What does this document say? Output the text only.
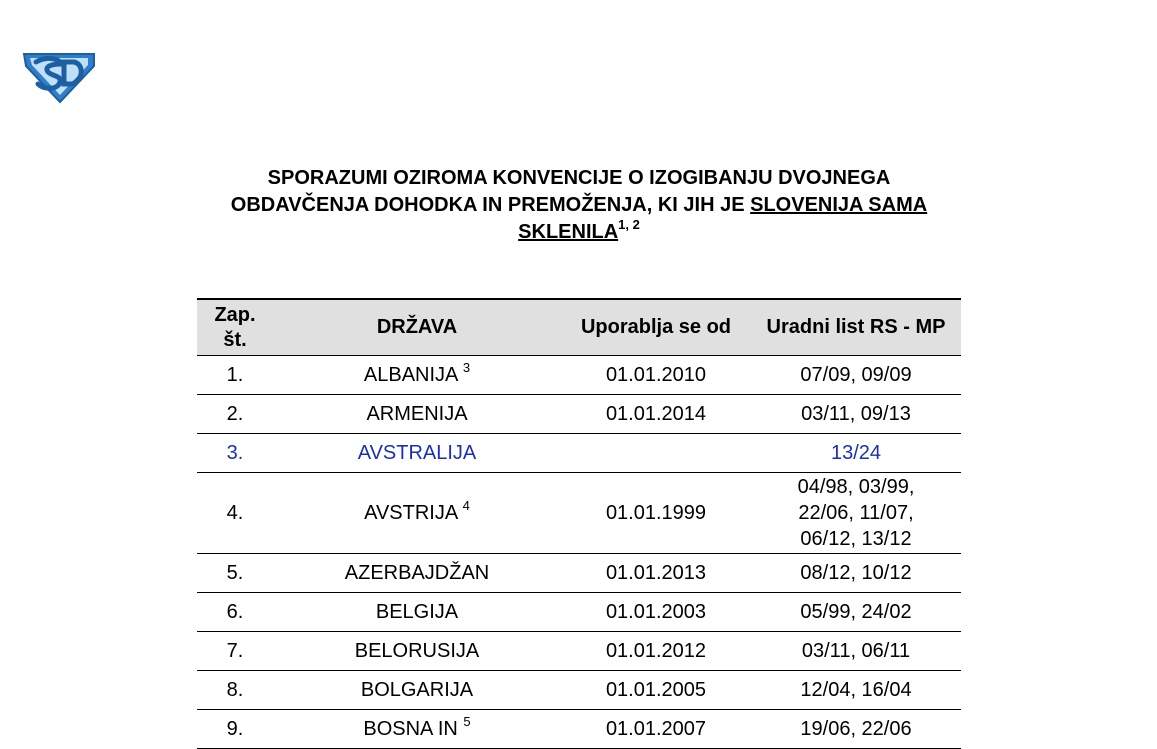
SPORAZUMI OZIROMA KONVENCIJE O IZOGIBANJU DVOJNEGA
OBDAVČENJA DOHODKA IN PREMOŽENJA, KI JIH JE SLOVENIJA SAMA
SKLENILA$^{1, 2}$
Zap. št.	DRŽAVA	Uporablja se od	Uradni list RS - MP
1.	ALBANIJA $^3$	01.01.2010	07/09, 09/09
2.	ARMENIJA	01.01.2014	03/11, 09/13
3.	AVSTRALIJA		13/24
4.	AVSTRIJA $^4$	01.01.1999	04/98, 03/99, 22/06, 11/07, 06/12, 13/12

5.	AZERBAJDŽAN	01.01.2013	08/12, 10/12
6.	BELGIJA	01.01.2003	05/99, 24/02
7.	BELORUSIJA	01.01.2012	03/11, 06/11
8.	BOLGARIJA	01.01.2005	12/04, 16/04
9.	BOSNA IN $^5$	01.01.2007	19/06, 22/06
